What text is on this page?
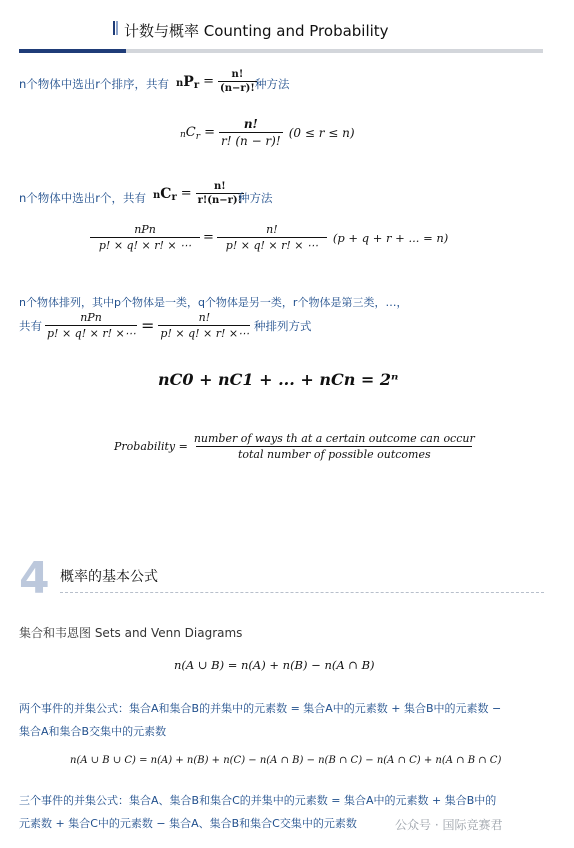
计数与概率 Counting and Probability
n个物体中选出r个排序，共有 n P $r = \frac{n!}{(n-r)!}$
种方法
n C $r = \frac{n!}{r! (n - r)!} (0 \le r \le n)$
n个物体中选出r个，共有 n C $r = \frac{n!}{r!(n-r)!}$
种方法
$\frac{\text{nPn}}{p! \times q! \times r! \times \cdots} = \frac{n!}{p! \times q! \times r! \times \cdots} (p + q + r$ + ... = n)
n个物体排列，其中p个物体是一类，q个物体是另一类，r个物体是第三类，…，
共有 $\frac{\text{nPn}}{p! \times q! \times r! \times\cdots} = \frac{n!}{p! \times q! \times r! \times\cdots}$ 种排列方式
nC0 + nC1 + ... + nCn = 2ⁿ
Probability = $\frac{\text{number of ways tℎ at a certain outcome can occur}}{\text{total number of possible outcomes}}$
4 概率的基本公式
集合和韦恩图 Sets and Venn Diagrams
n(A ∪ B) = n(A) + n(B) − n(A ∩ B)
两个事件的并集公式：集合A和集合B的并集中的元素数 = 集合A中的元素数 + 集合B中的元素数 −
集合A和集合B交集中的元素数
n(A ∪ B ∪ C) = n(A) + n(B) + n(C) − n(A ∩ B) − n(B ∩ C) − n(A ∩ C) + n(A ∩ B ∩ C)
三个事件的并集公式：集合A、集合B和集合C的并集中的元素数 = 集合A中的元素数 + 集合B中的
元素数 + 集合C中的元素数 − 集合A、集合B和集合C交集中的元素数	公众号 · 国际竞赛君
